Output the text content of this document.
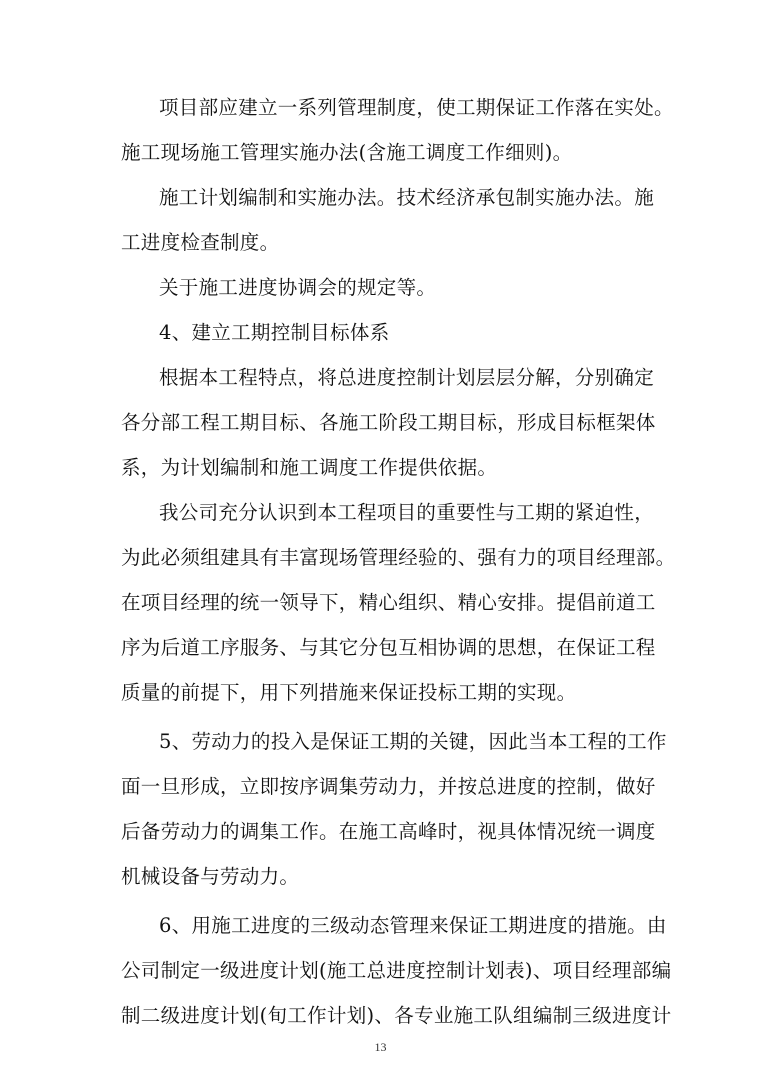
项目部应建立一系列管理制度，使工期保证工作落在实处。
施工现场施工管理实施办法(含施工调度工作细则)。
施工计划编制和实施办法。技术经济承包制实施办法。施
工进度检查制度。
关于施工进度协调会的规定等。
4、建立工期控制目标体系
根据本工程特点，将总进度控制计划层层分解，分别确定
各分部工程工期目标、各施工阶段工期目标，形成目标框架体
系，为计划编制和施工调度工作提供依据。
我公司充分认识到本工程项目的重要性与工期的紧迫性，
为此必须组建具有丰富现场管理经验的、强有力的项目经理部。
在项目经理的统一领导下，精心组织、精心安排。提倡前道工
序为后道工序服务、与其它分包互相协调的思想，在保证工程
质量的前提下，用下列措施来保证投标工期的实现。
5、劳动力的投入是保证工期的关键，因此当本工程的工作
面一旦形成，立即按序调集劳动力，并按总进度的控制，做好
后备劳动力的调集工作。在施工高峰时，视具体情况统一调度
机械设备与劳动力。
6、用施工进度的三级动态管理来保证工期进度的措施。由
公司制定一级进度计划(施工总进度控制计划表)、项目经理部编
制二级进度计划(旬工作计划)、各专业施工队组编制三级进度计
13
